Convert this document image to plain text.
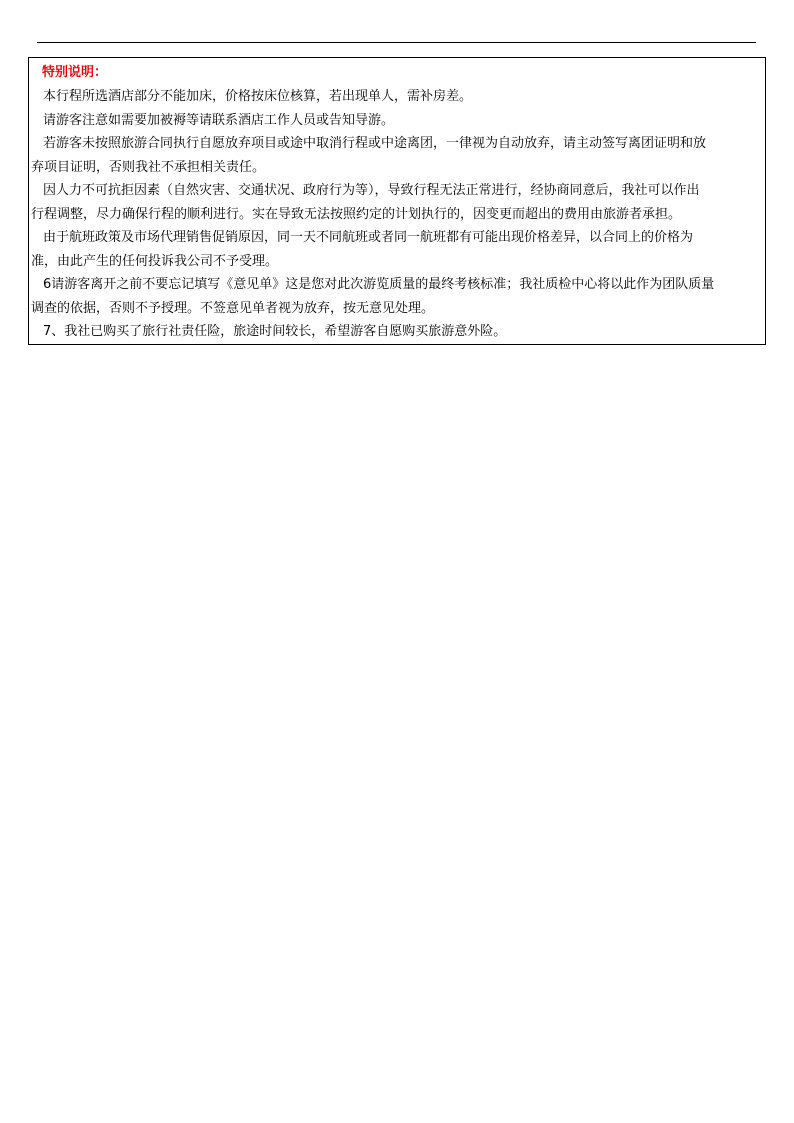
特别说明：
本行程所选酒店部分不能加床，价格按床位核算，若出现单人，需补房差。
请游客注意如需要加被褥等请联系酒店工作人员或告知导游。
若游客未按照旅游合同执行自愿放弃项目或途中取消行程或中途离团，一律视为自动放弃，请主动签写离团证明和放
弃项目证明，否则我社不承担相关责任。
因人力不可抗拒因素（自然灾害、交通状况、政府行为等），导致行程无法正常进行，经协商同意后，我社可以作出
行程调整，尽力确保行程的顺利进行。实在导致无法按照约定的计划执行的，因变更而超出的费用由旅游者承担。
由于航班政策及市场代理销售促销原因，同一天不同航班或者同一航班都有可能出现价格差异，以合同上的价格为
准，由此产生的任何投诉我公司不予受理。
6请游客离开之前不要忘记填写《意见单》这是您对此次游览质量的最终考核标准；我社质检中心将以此作为团队质量
调查的依据，否则不予授理。不签意见单者视为放弃，按无意见处理。
7、我社已购买了旅行社责任险，旅途时间较长，希望游客自愿购买旅游意外险。
